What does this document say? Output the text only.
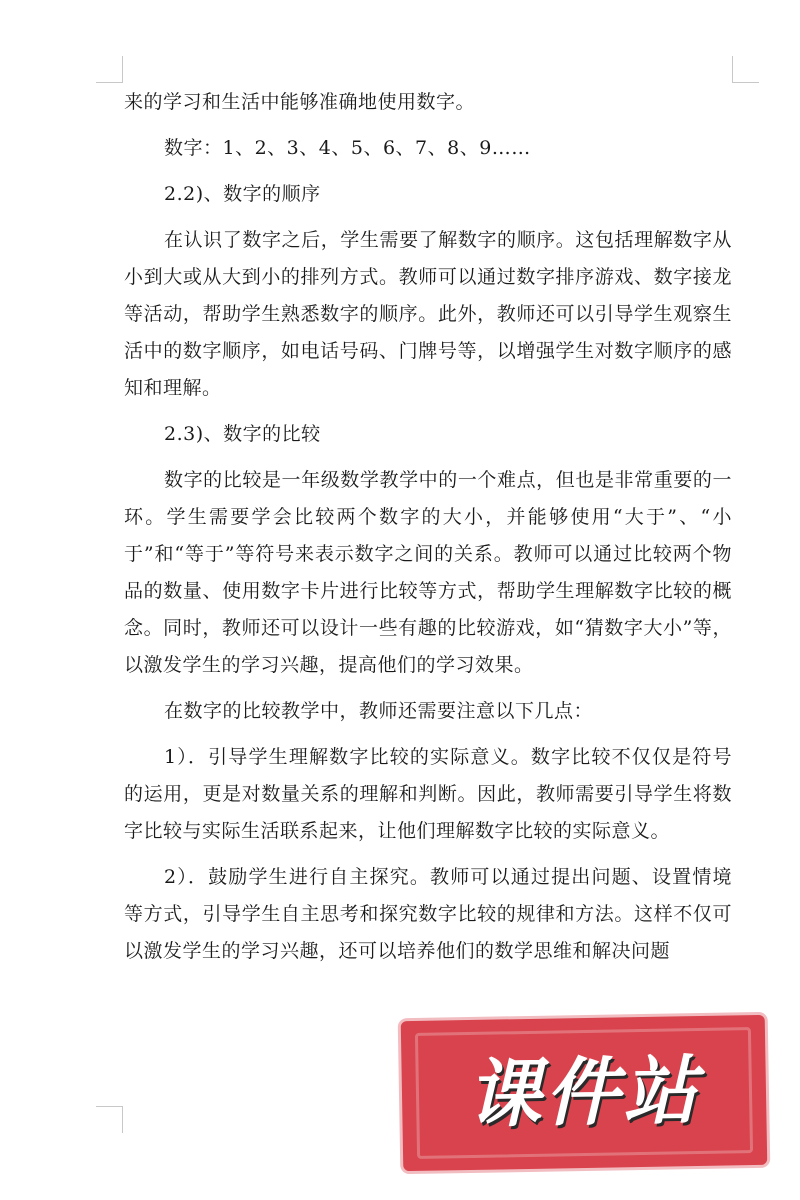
来的学习和生活中能够准确地使用数字。

数字：1、2、3、4、5、6、7、8、9……

2.2)、数字的顺序

在认识了数字之后，学生需要了解数字的顺序。这包括理解数字从小到大或从大到小的排列方式。教师可以通过数字排序游戏、数字接龙等活动，帮助学生熟悉数字的顺序。此外，教师还可以引导学生观察生活中的数字顺序，如电话号码、门牌号等，以增强学生对数字顺序的感知和理解。

2.3)、数字的比较

数字的比较是一年级数学教学中的一个难点，但也是非常重要的一环。学生需要学会比较两个数字的大小，并能够使用“大于”、“小于”和“等于”等符号来表示数字之间的关系。教师可以通过比较两个物品的数量、使用数字卡片进行比较等方式，帮助学生理解数字比较的概念。同时，教师还可以设计一些有趣的比较游戏，如“猜数字大小”等，以激发学生的学习兴趣，提高他们的学习效果。

在数字的比较教学中，教师还需要注意以下几点：

1）．引导学生理解数字比较的实际意义。数字比较不仅仅是符号的运用，更是对数量关系的理解和判断。因此，教师需要引导学生将数字比较与实际生活联系起来，让他们理解数字比较的实际意义。

2）．鼓励学生进行自主探究。教师可以通过提出问题、设置情境等方式，引导学生自主思考和探究数字比较的规律和方法。这样不仅可以激发学生的学习兴趣，还可以培养他们的数学思维和解决问题

课件站
